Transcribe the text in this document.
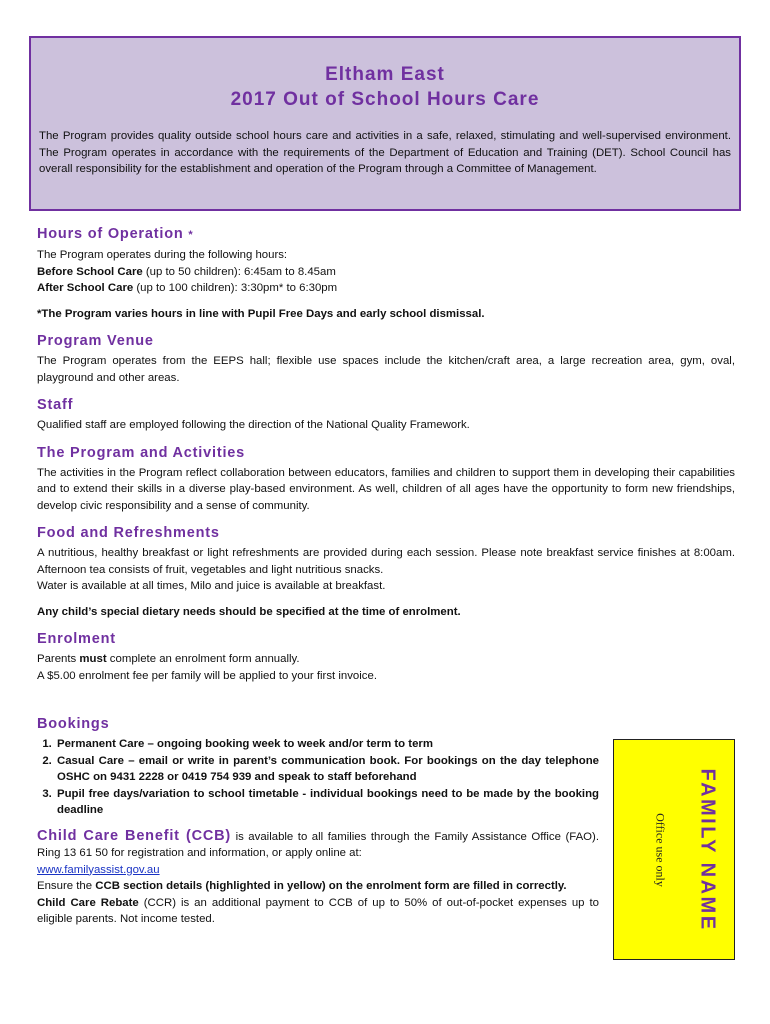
Eltham East
2017 Out of School Hours Care

The Program provides quality outside school hours care and activities in a safe, relaxed, stimulating and well-supervised environment. The Program operates in accordance with the requirements of the Department of Education and Training (DET). School Council has overall responsibility for the establishment and operation of the Program through a Committee of Management.

Hours of Operation *

The Program operates during the following hours:

Before School Care (up to 50 children): 6:45am to 8.45am

After School Care (up to 100 children): 3:30pm* to 6:30pm

*The Program varies hours in line with Pupil Free Days and early school dismissal.

Program Venue

The Program operates from the EEPS hall; flexible use spaces include the kitchen/craft area, a large recreation area, gym, oval, playground and other areas.

Staff

Qualified staff are employed following the direction of the National Quality Framework.

The Program and Activities

The activities in the Program reflect collaboration between educators, families and children to support them in developing their capabilities and to extend their skills in a diverse play-based environment. As well, children of all ages have the opportunity to form new friendships, develop civic responsibility and a sense of community.

Food and Refreshments

A nutritious, healthy breakfast or light refreshments are provided during each session. Please note breakfast service finishes at 8:00am. Afternoon tea consists of fruit, vegetables and light nutritious snacks.

Water is available at all times, Milo and juice is available at breakfast.

Any child’s special dietary needs should be specified at the time of enrolment.

Enrolment

Parents must complete an enrolment form annually.

A $5.00 enrolment fee per family will be applied to your first invoice.

Bookings
1. Permanent Care – ongoing booking week to week and/or term to term
2. Casual Care – email or write in parent’s communication book. For bookings on the day telephone OSHC on 9431 2228 or 0419 754 939 and speak to staff beforehand
3. Pupil free days/variation to school timetable - individual bookings need to be made by the booking deadline

Child Care Benefit (CCB) is available to all families through the Family Assistance Office (FAO). Ring 13 61 50 for registration and information, or apply online at:

www.familyassist.gov.au

Ensure the CCB section details (highlighted in yellow) on the enrolment form are filled in correctly.

Child Care Rebate (CCR) is an additional payment to CCB of up to 50% of out-of-pocket expenses up to eligible parents. Not income tested.

Office use only FAMILY NAME
